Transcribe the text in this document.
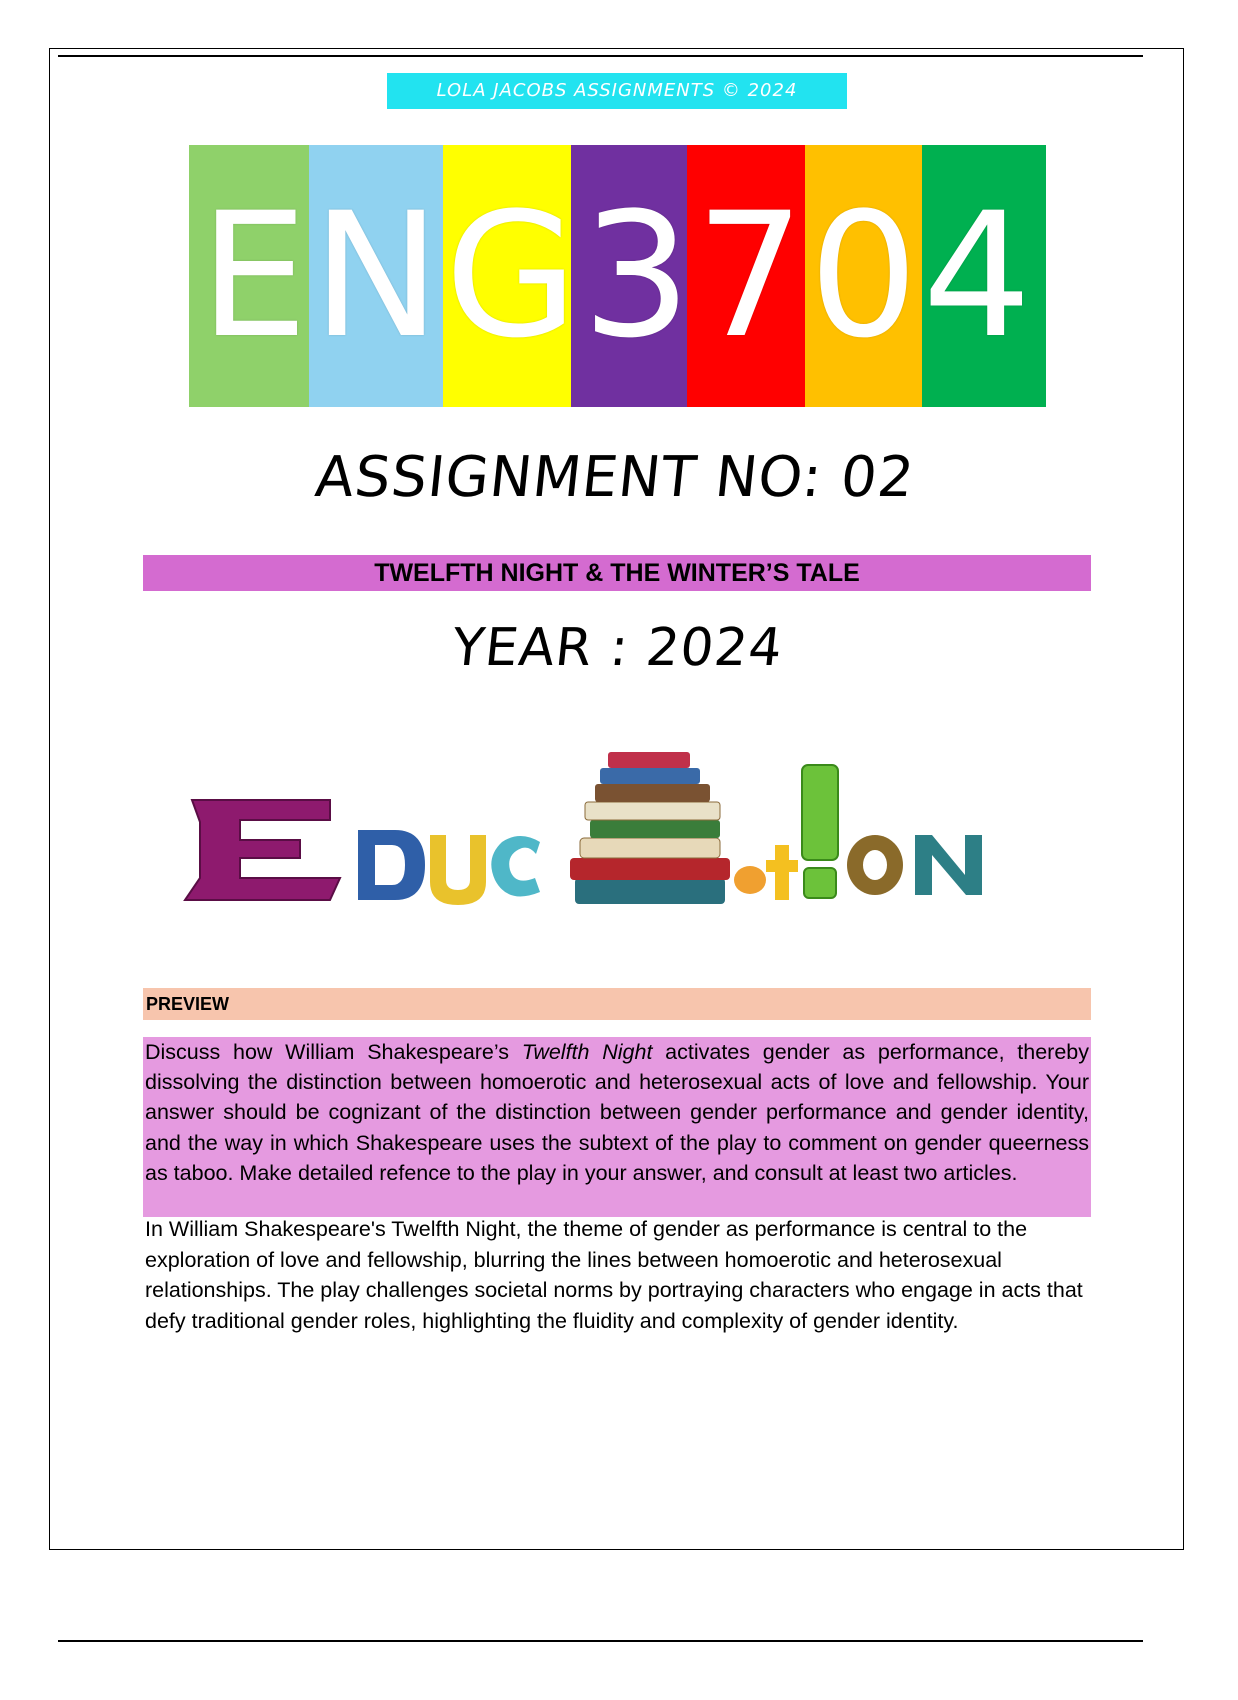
LOLA JACOBS ASSIGNMENTS © 2024
ENG3704
ASSIGNMENT NO: 02
TWELFTH NIGHT & THE WINTER’S TALE
YEAR : 2024
Education
PREVIEW
Discuss how William Shakespeare’s Twelfth Night activates gender as performance, thereby dissolving the distinction between homoerotic and heterosexual acts of love and fellowship. Your answer should be cognizant of the distinction between gender performance and gender identity, and the way in which Shakespeare uses the subtext of the play to comment on gender queerness as taboo. Make detailed refence to the play in your answer, and consult at least two articles.
In William Shakespeare's Twelfth Night, the theme of gender as performance is central to the exploration of love and fellowship, blurring the lines between homoerotic and heterosexual relationships. The play challenges societal norms by portraying characters who engage in acts that defy traditional gender roles, highlighting the fluidity and complexity of gender identity.
